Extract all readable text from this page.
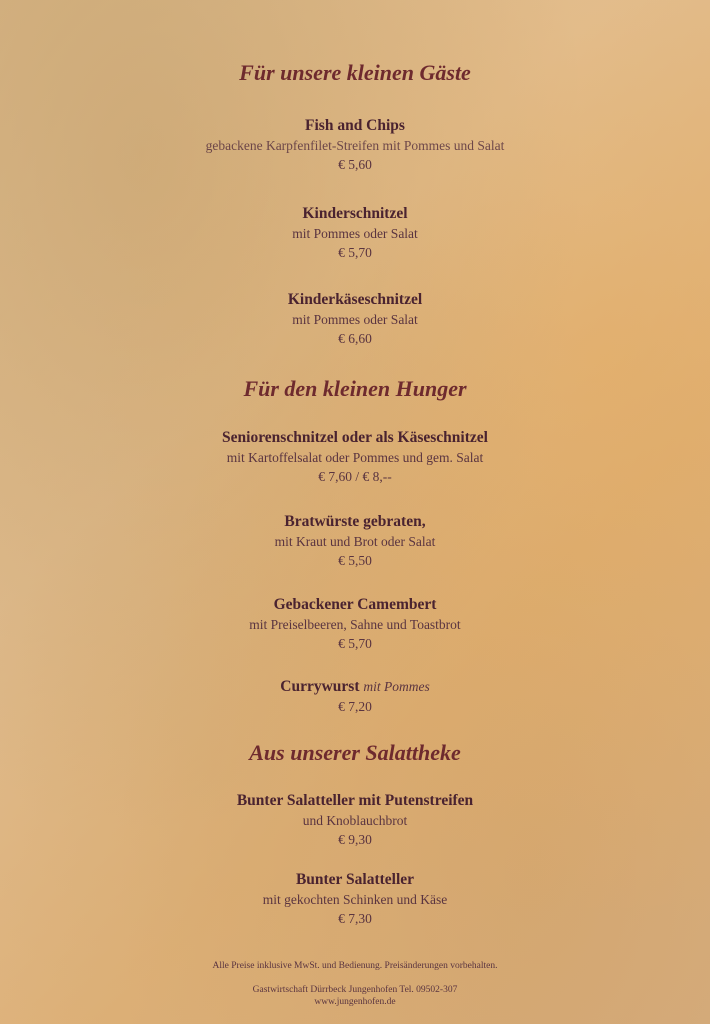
Für unsere kleinen Gäste
Fish and Chips
gebackene Karpfenfilet-Streifen mit Pommes und Salat
€ 5,60
Kinderschnitzel
mit Pommes oder Salat
€ 5,70
Kinderkäseschnitzel
mit Pommes oder Salat
€ 6,60
Für den kleinen Hunger
Seniorenschnitzel oder als Käseschnitzel
mit Kartoffelsalat oder Pommes und gem. Salat
€ 7,60 / € 8,--
Bratwürste gebraten,
mit Kraut und Brot oder Salat
€ 5,50
Gebackener Camembert
mit Preiselbeeren, Sahne und Toastbrot
€ 5,70
Currywurst mit Pommes
€ 7,20
Aus unserer Salattheke
Bunter Salatteller mit Putenstreifen
und Knoblauchbrot
€ 9,30
Bunter Salatteller
mit gekochten Schinken und Käse
€ 7,30
Alle Preise inklusive MwSt. und Bedienung. Preisänderungen vorbehalten.
Gastwirtschaft Dürrbeck Jungenhofen Tel. 09502-307
www.jungenhofen.de
